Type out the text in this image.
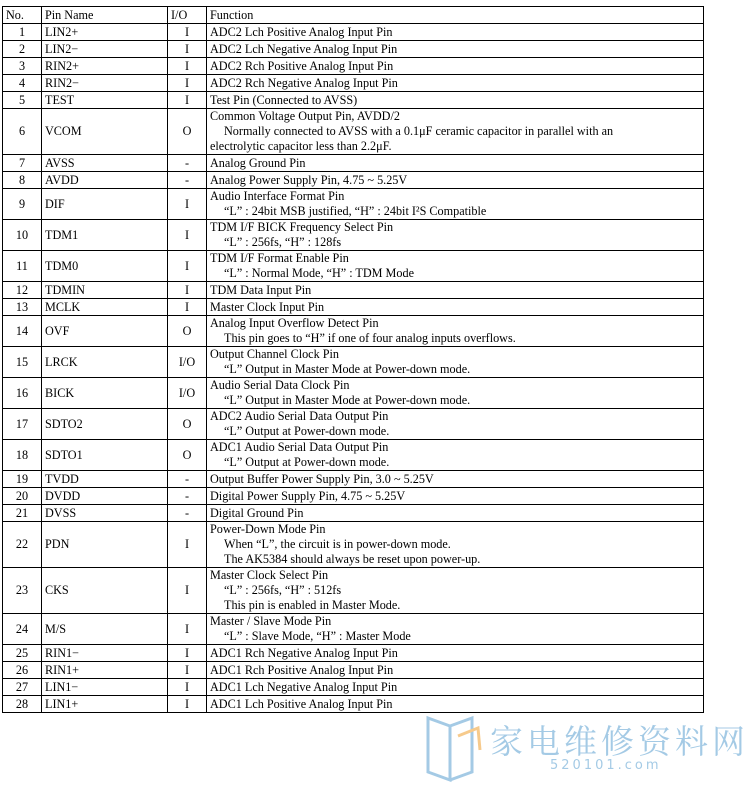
No.	Pin Name	I/O	Function
1	LIN2+	I	ADC2 Lch Positive Analog Input Pin

2	LIN2−	I	ADC2 Lch Negative Analog Input Pin

3	RIN2+	I	ADC2 Rch Positive Analog Input Pin

4	RIN2−	I	ADC2 Rch Negative Analog Input Pin

5	TEST	I	Test Pin (Connected to AVSS)

6	VCOM	O	Common Voltage Output Pin, AVDD/2
Normally connected to AVSS with a 0.1μF ceramic capacitor in parallel with an
electrolytic capacitor less than 2.2μF.

7	AVSS	-	Analog Ground Pin

8	AVDD	-	Analog Power Supply Pin, 4.75 ~ 5.25V

9	DIF	I	Audio Interface Format Pin
“L” : 24bit MSB justified, “H” : 24bit I²S Compatible

10	TDM1	I	TDM I/F BICK Frequency Select Pin
“L” : 256fs, “H” : 128fs

11	TDM0	I	TDM I/F Format Enable Pin
“L” : Normal Mode, “H” : TDM Mode

12	TDMIN	I	TDM Data Input Pin

13	MCLK	I	Master Clock Input Pin

14	OVF	O	Analog Input Overflow Detect Pin
This pin goes to “H” if one of four analog inputs overflows.

15	LRCK	I/O	Output Channel Clock Pin
“L” Output in Master Mode at Power-down mode.

16	BICK	I/O	Audio Serial Data Clock Pin
“L” Output in Master Mode at Power-down mode.

17	SDTO2	O	ADC2 Audio Serial Data Output Pin
“L” Output at Power-down mode.

18	SDTO1	O	ADC1 Audio Serial Data Output Pin
“L” Output at Power-down mode.

19	TVDD	-	Output Buffer Power Supply Pin, 3.0 ~ 5.25V

20	DVDD	-	Digital Power Supply Pin, 4.75 ~ 5.25V

21	DVSS	-	Digital Ground Pin

22	PDN	I	Power-Down Mode Pin
When “L”, the circuit is in power-down mode.
The AK5384 should always be reset upon power-up.

23	CKS	I	Master Clock Select Pin
“L” : 256fs, “H” : 512fs
This pin is enabled in Master Mode.

24	M/S	I	Master / Slave Mode Pin
“L” : Slave Mode, “H” : Master Mode

25	RIN1−	I	ADC1 Rch Negative Analog Input Pin

26	RIN1+	I	ADC1 Rch Positive Analog Input Pin

27	LIN1−	I	ADC1 Lch Negative Analog Input Pin

28	LIN1+	I	ADC1 Lch Positive Analog Input Pin
家电维修资料网
520101.com
